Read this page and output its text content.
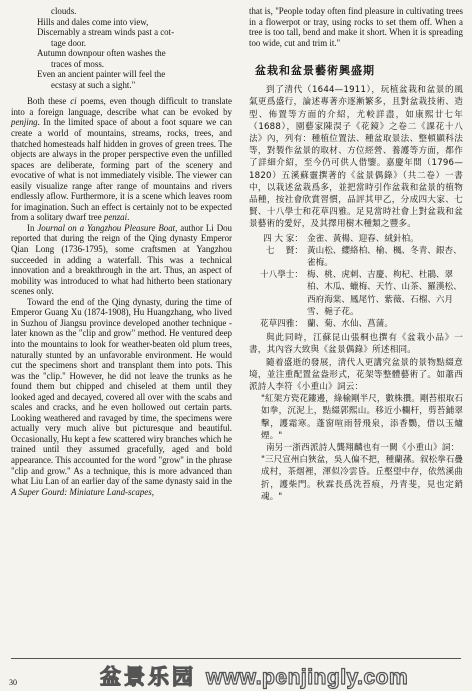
clouds.
Hills and dales come into view,
Discernably a stream winds past a cot-
tage door.
Autumn downpour often washes the
traces of moss.
Even an ancient painter will feel the
ecstasy at such a sight."

Both these ci poems, even though difficult to translate into a foreign language, describe what can be evoked by penjing. In the limited space of about a foot square we can create a world of mountains, streams, rocks, trees, and thatched homesteads half hidden in groves of green trees. The objects are always in the proper perspective even the unfilled spaces are deliberate, forming part of the scenery and evocative of what is not immediately visible. The viewer can easily visualize range after range of mountains and rivers endlessly aflow. Furthermore, it is a scene which leaves room for imagination. Such an effect is certainly not to be expected from a solitary dwarf tree penzai.

In Journal on a Yangzhou Pleasure Boat, author Li Dou reported that during the reign of the Qing dynasty Emperor Qian Long (1736-1795), some craftsmen at Yangzhou succeeded in adding a waterfall. This was a technical innovation and a breakthrough in the art. Thus, an aspect of mobility was introduced to what had hitherto been stationary scenes only.

Toward the end of the Qing dynasty, during the time of Emperor Guang Xu (1874-1908), Hu Huangzhang, who lived in Suzhou of Jiangsu province developed another technique - later known as the "clip and grow" method. He ventured deep into the mountains to look for weather-beaten old plum trees, naturally stunted by an unfavorable environment. He would cut the specimens short and transplant them into pots. This was the "clip." However, he did not leave the trunks as he found them but chipped and chiseled at them until they looked aged and decayed, covered all over with the scabs and scales and cracks, and he even hollowed out certain parts. Looking weathered and ravaged by time, the specimens were actually very much alive but picturesque and beautiful. Occasionally, Hu kept a few scattered wiry branches which he trained until they assumed gracefully, aged and bold appearance. This accounted for the word "grow" in the phrase "clip and grow." As a technique, this is more advanced than what Liu Lan of an earlier day of the same dynasty said in the A Super Gourd: Miniature Land-scapes,

that is, "People today often find pleasure in cultivating trees in a flowerpot or tray, using rocks to set them off. When a tree is too tall, bend and make it short. When it is spreading too wide, cut and trim it."

盆栽和盆景藝術興盛期
到了清代（1644—1911），玩植盆栽和盆景的風氣更爲盛行，論述專著亦逐漸繁多，且對盆栽技術、造型、佈置等方面的介紹，尤較詳盡，如康熙廿七年（1688），園藝家陳淏子《花鏡》之卷二《課花十八法》內，列有：種植位置法、種盆取景法、整頓顯科法等，對製作盆景的取材、方位經營、養護等方面，都作了詳細介紹，至今仍可供人借鑒。嘉慶年間（1796—1820）五溪蘇靈撰著的《盆景偶錄》（共二卷）一書中，以栽述盆栽爲多，並把當時引作盆栽和盆景的植物品種，按社會欣賞習慣，品評其甲乙，分成四大家、七賢、十八學士和花草四雅。足見當時社會上對盆栽和盆景藝術的愛好，及其擇用樹木種類之豐多。
四 大 家： 金雀、黃楊、迎春、絨針柏。
七　 賢： 黃山松、纓絡柏、榆、楓、冬青、銀杏、雀梅。
十八學士： 梅、桃、虎刺、吉慶、枸杞、杜鵑、翠柏、木瓜、蠟梅、天竹、山茶、羅漢松、西府海棠、鳳尾竹、紫薇、石榴、六月雪、梔子花。
花草四雅： 蘭、菊、水仙、菖蒲。
與此同時，江蘇昆山張桐也撰有《盆栽小品》一書，其內容大致與《盆景偶錄》所述相同。
隨着盛逝的發展，清代人更講究盆景的景物點綴意境，並注重配置盆盎形式，花架等整體藝術了。如蕭西派詩人李符《小重山》詞云：
"紅架方瓷花鏤邊，綠榆剛半尺，數株攢。剛苔根取石如拳，沉泥上，點綴郭熙山。移近小欄杆，剪苔鋪翠擊，護霜寒。蓬窗喧雨替飛泉，添香鸚，借以玉爐煙。"
南另一浙西派詩人龔翔麟也有一闕《小重山》詞：
"三尺宣州白狹盆，吳人偏不把，種蘭蓀。叙松拳石疊成村，茶烟裡，渾似冷雲昏。丘壑望中存，依然溪曲折，護柴門。秋霖長爲洗苔痕，丹青斐，見也定銷魂。"
30	盆景乐园 www.penjingly.com
